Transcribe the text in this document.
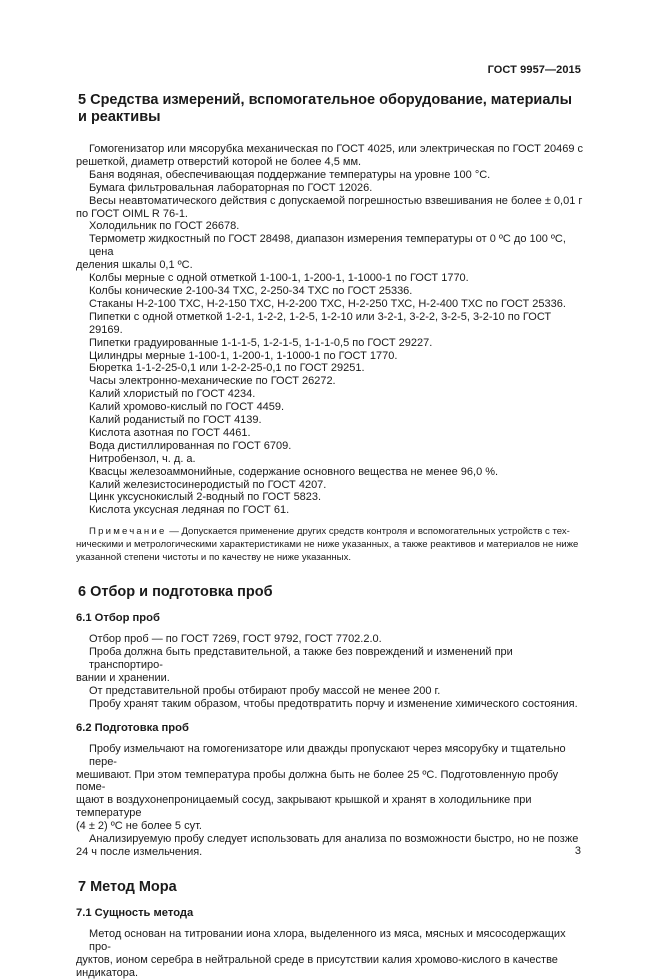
ГОСТ 9957—2015
5 Средства измерений, вспомогательное оборудование, материалы
и реактивы
Гомогенизатор или мясорубка механическая по ГОСТ 4025, или электрическая по ГОСТ 20469 с
решеткой, диаметр отверстий которой не более 4,5 мм.
Баня водяная, обеспечивающая поддержание температуры на уровне 100 °С.
Бумага фильтровальная лабораторная по ГОСТ 12026.
Весы неавтоматического действия с допускаемой погрешностью взвешивания не более ± 0,01 г
по ГОСТ OIML R 76-1.
Холодильник по ГОСТ 26678.
Термометр жидкостный по ГОСТ 28498, диапазон измерения температуры от 0 ºС до 100 ºС, цена
деления шкалы 0,1 ºС.
Колбы мерные с одной отметкой 1-100-1, 1-200-1, 1-1000-1 по ГОСТ 1770.
Колбы конические 2-100-34 ТХС, 2-250-34 ТХС по ГОСТ 25336.
Стаканы Н-2-100 ТХС, Н-2-150 ТХС, Н-2-200 ТХС, Н-2-250 ТХС, Н-2-400 ТХС по ГОСТ 25336.
Пипетки с одной отметкой 1-2-1, 1-2-2, 1-2-5, 1-2-10 или 3-2-1, 3-2-2, 3-2-5, 3-2-10 по ГОСТ 29169.
Пипетки градуированные 1-1-1-5, 1-2-1-5, 1-1-1-0,5 по ГОСТ 29227.
Цилиндры мерные 1-100-1, 1-200-1, 1-1000-1 по ГОСТ 1770.
Бюретка 1-1-2-25-0,1 или 1-2-2-25-0,1 по ГОСТ 29251.
Часы электронно-механические по ГОСТ 26272.
Калий хлористый по ГОСТ 4234.
Калий хромово-кислый по ГОСТ 4459.
Калий роданистый по ГОСТ 4139.
Кислота азотная по ГОСТ 4461.
Вода дистиллированная по ГОСТ 6709.
Нитробензол, ч. д. а.
Квасцы железоаммонийные, содержание основного вещества не менее 96,0 %.
Калий железистосинеродистый по ГОСТ 4207.
Цинк уксуснокислый 2-водный по ГОСТ 5823.
Кислота уксусная ледяная по ГОСТ 61.
Примечание — Допускается применение других средств контроля и вспомогательных устройств с тех-
ническими и метрологическими характеристиками не ниже указанных, а также реактивов и материалов не ниже
указанной степени чистоты и по качеству не ниже указанных.
6 Отбор и подготовка проб
6.1 Отбор проб
Отбор проб — по ГОСТ 7269, ГОСТ 9792, ГОСТ 7702.2.0.
Проба должна быть представительной, а также без повреждений и изменений при транспортиро-
вании и хранении.
От представительной пробы отбирают пробу массой не менее 200 г.
Пробу хранят таким образом, чтобы предотвратить порчу и изменение химического состояния.
6.2 Подготовка проб
Пробу измельчают на гомогенизаторе или дважды пропускают через мясорубку и тщательно пере-
мешивают. При этом температура пробы должна быть не более 25 ºС. Подготовленную пробу поме-
щают в воздухонепроницаемый сосуд, закрывают крышкой и хранят в холодильнике при температуре
(4 ± 2) ºС не более 5 сут.
Анализируемую пробу следует использовать для анализа по возможности быстро, но не позже
24 ч после измельчения.
7 Метод Мора
7.1 Сущность метода
Метод основан на титровании иона хлора, выделенного из мяса, мясных и мясосодержащих про-
дуктов, ионом серебра в нейтральной среде в присутствии калия хромово-кислого в качестве индикатора.
3
